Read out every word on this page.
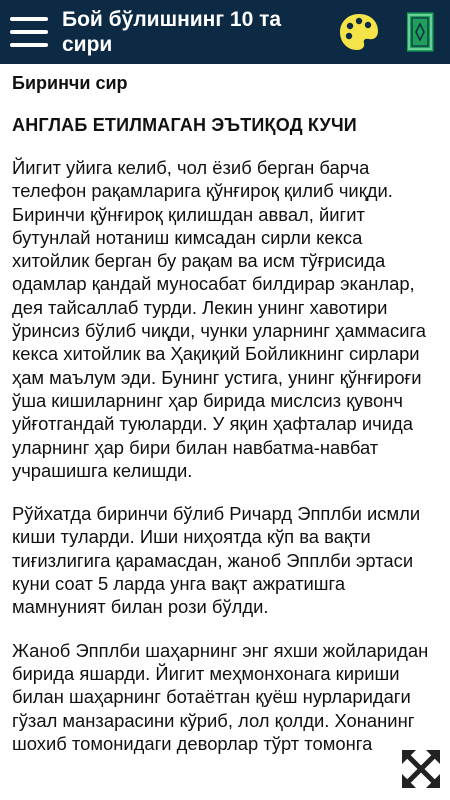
Бой бўлишнинг 10 та сири
Биринчи сир
АНГЛАБ ЕТИЛМАГАН ЭЪТИҚОД КУЧИ

Йигит уйига келиб, чол ёзиб берган барча телефон рақамларига қўнғироқ қилиб чиқди. Биринчи қўнғироқ қилишдан аввал, йигит бутунлай нотаниш кимсадан сирли кекса хитойлик берган бу рақам ва исм тўғрисида одамлар қандай муносабат билдирар эканлар, дея тайсаллаб турди. Лекин унинг хавотири ўринсиз бўлиб чиқди, чунки уларнинг ҳаммасига кекса хитойлик ва Ҳақиқий Бойликнинг сирлари ҳам маълум эди. Бунинг устига, унинг қўнғироғи ўша кишиларнинг ҳар бирида мислсиз қувонч уйғотгандай туюларди. У яқин ҳафталар ичида уларнинг ҳар бири билан навбатма-навбат учрашишга келишди.

Рўйхатда биринчи бўлиб Ричард Эпплби исмли киши туларди. Иши ниҳоятда кўп ва вақти тиғизлигига қарамасдан, жаноб Эпплби эртаси куни соат 5 ларда унга вақт ажратишга мамнуният билан рози бўлди.

Жаноб Эпплби шаҳарнинг энг яхши жойларидан бирида яшарди. Йигит меҳмонхонага кириши билан шаҳарнинг ботаётган қуёш нурларидаги гўзал манзарасини кўриб, лол қолди. Хонанинг шохиб томонидаги деворлар тўрт томонга
